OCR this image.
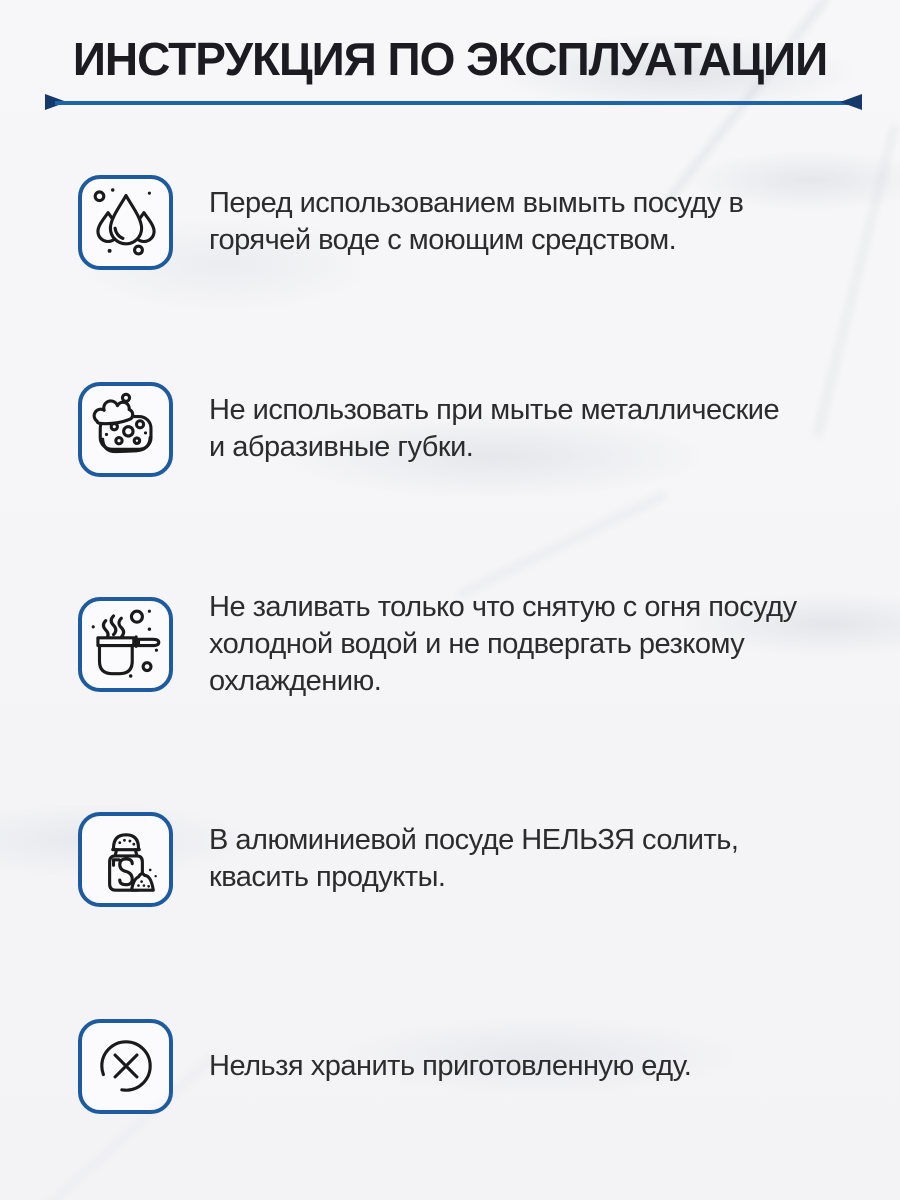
ИНСТРУКЦИЯ ПО ЭКСПЛУАТАЦИИ
Перед использованием вымыть посуду в
горячей воде с моющим средством.
Не использовать при мытье металлические
и абразивные губки.
Не заливать только что снятую с огня посуду
холодной водой и не подвергать резкому
охлаждению.
В алюминиевой посуде НЕЛЬЗЯ солить,
квасить продукты.
Нельзя хранить приготовленную еду.
